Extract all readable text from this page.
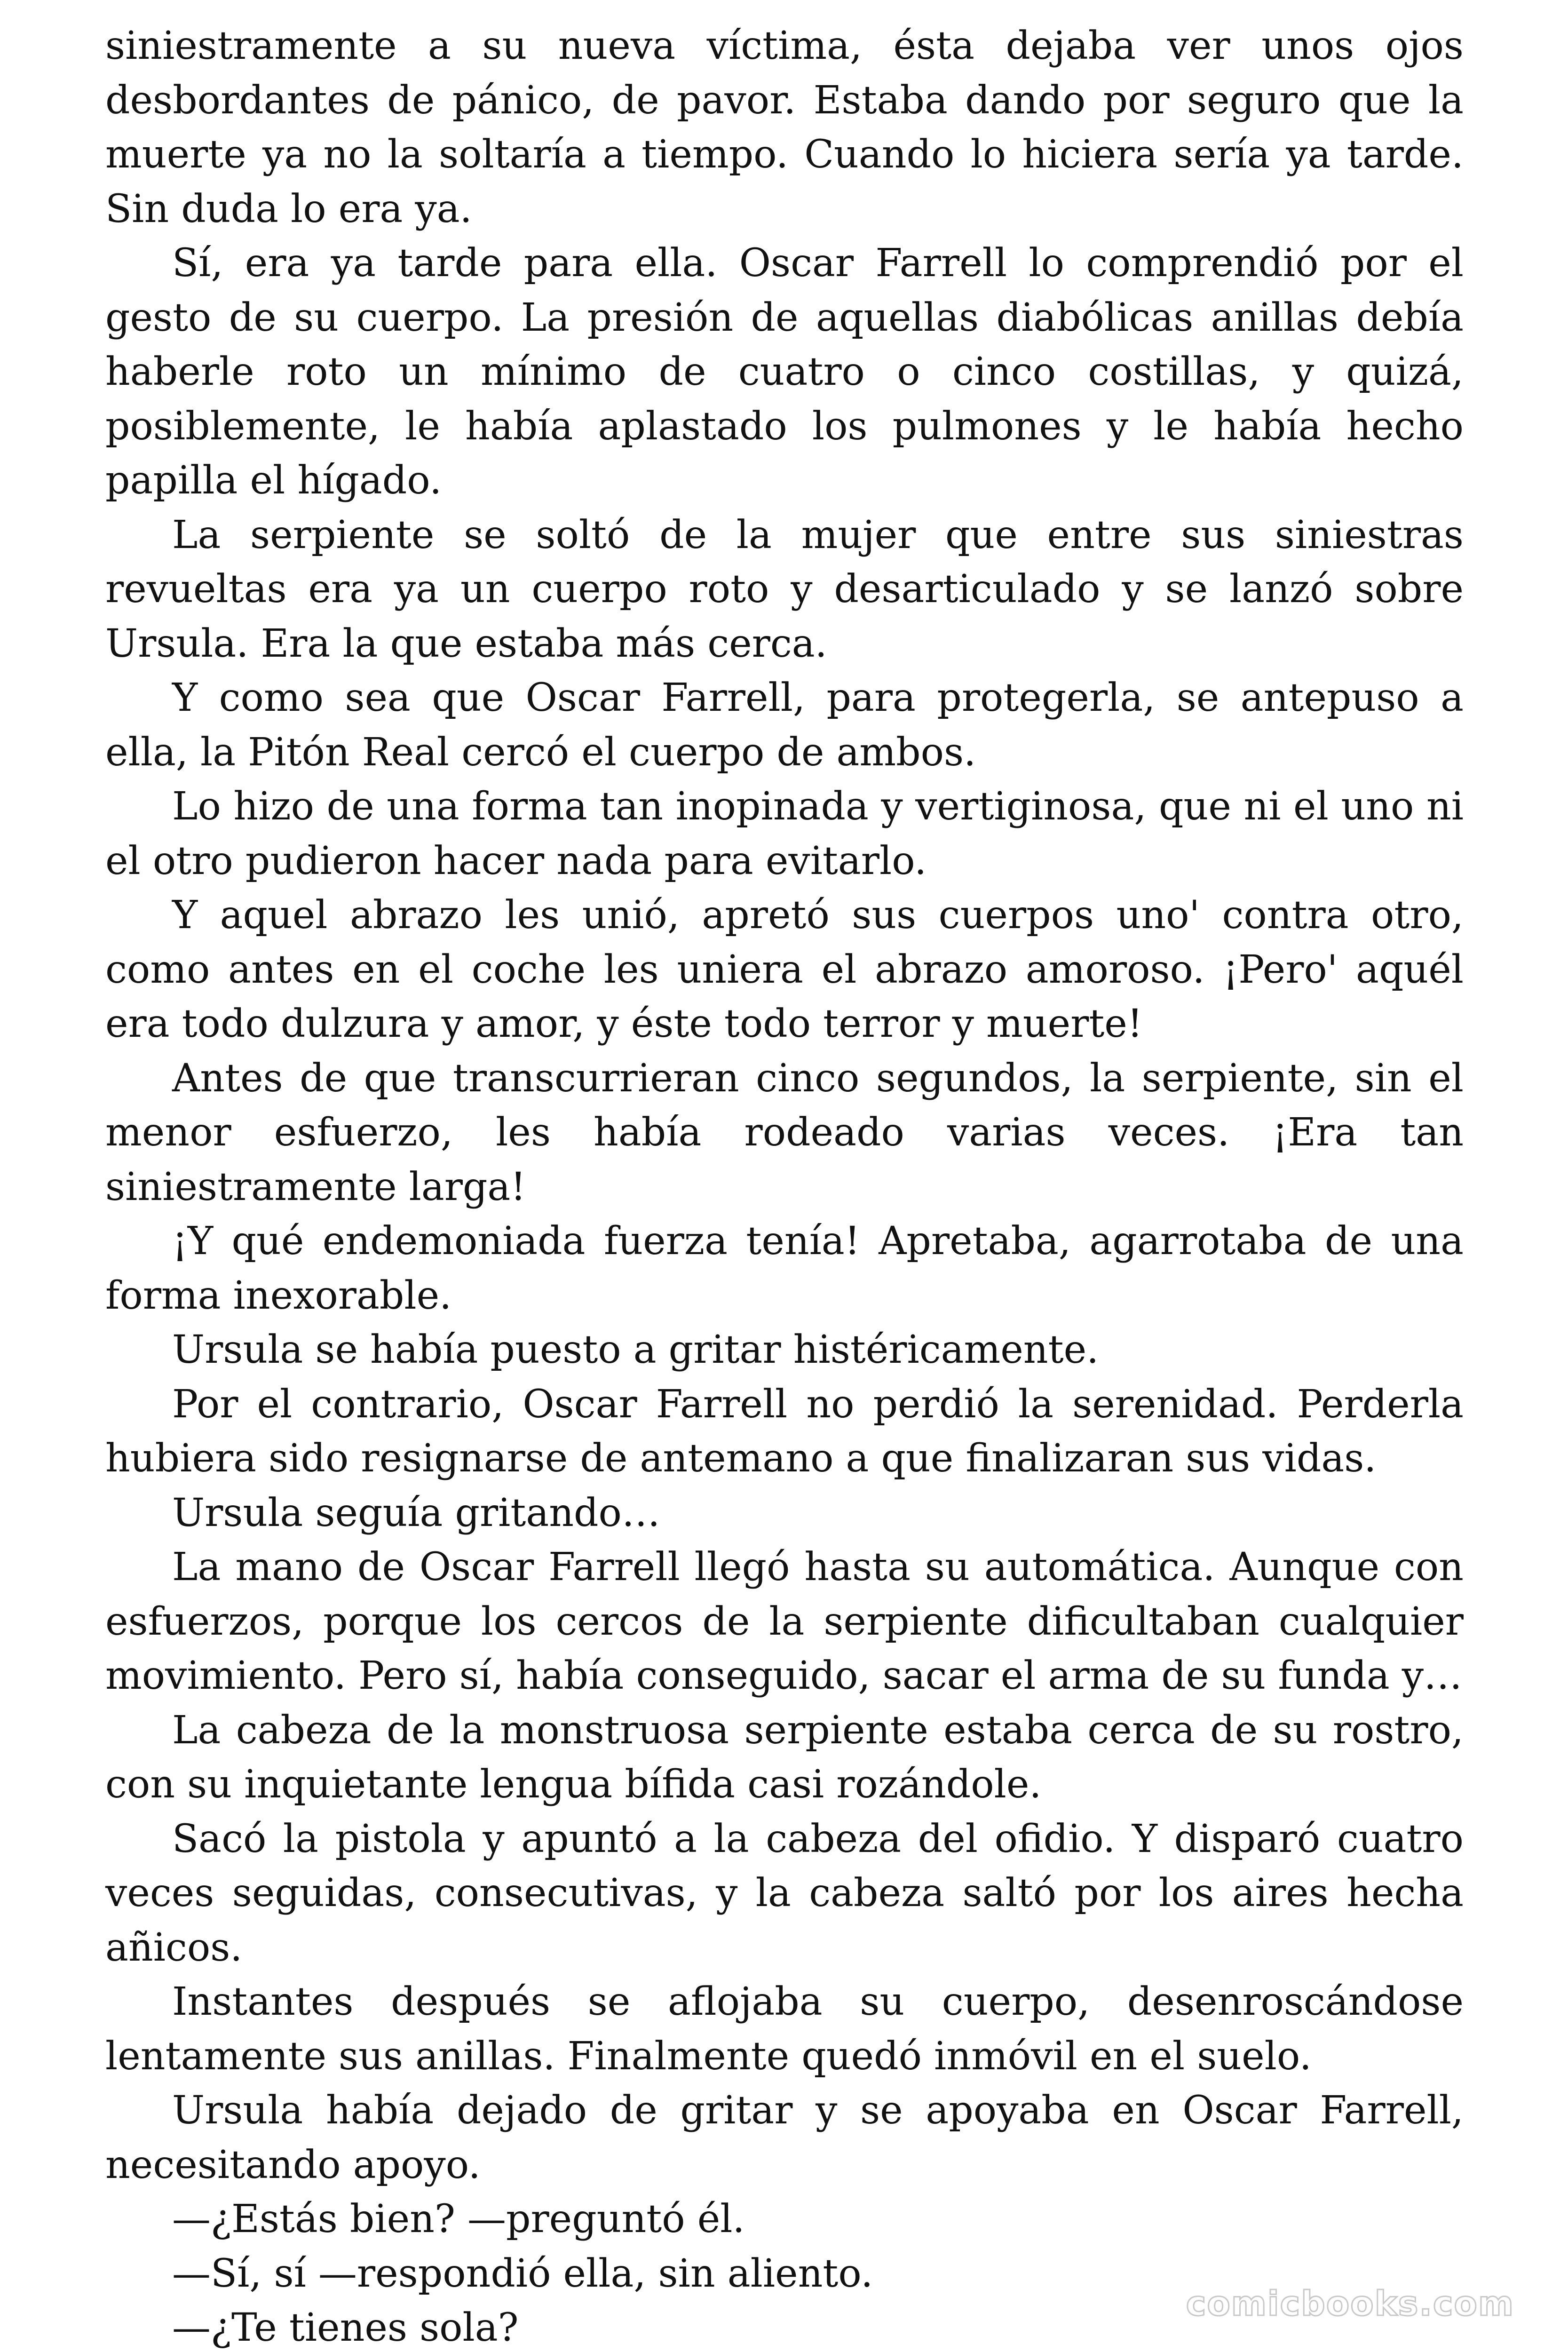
siniestramente a su nueva víctima, ésta dejaba ver unos ojos desbordantes de pánico, de pavor. Estaba dando por seguro que la muerte ya no la soltaría a tiempo. Cuando lo hiciera sería ya tarde. Sin duda lo era ya.

Sí, era ya tarde para ella. Oscar Farrell lo comprendió por el gesto de su cuerpo. La presión de aquellas diabólicas anillas debía haberle roto un mínimo de cuatro o cinco costillas, y quizá, posiblemente, le había aplastado los pulmones y le había hecho papilla el hígado.

La serpiente se soltó de la mujer que entre sus siniestras revueltas era ya un cuerpo roto y desarticulado y se lanzó sobre Ursula. Era la que estaba más cerca.

Y como sea que Oscar Farrell, para protegerla, se antepuso a ella, la Pitón Real cercó el cuerpo de ambos.

Lo hizo de una forma tan inopinada y vertiginosa, que ni el uno ni el otro pudieron hacer nada para evitarlo.

Y aquel abrazo les unió, apretó sus cuerpos uno' contra otro, como antes en el coche les uniera el abrazo amoroso. ¡Pero' aquél era todo dulzura y amor, y éste todo terror y muerte!

Antes de que transcurrieran cinco segundos, la serpiente, sin el menor esfuerzo, les había rodeado varias veces. ¡Era tan siniestramente larga!

¡Y qué endemoniada fuerza tenía! Apretaba, agarrotaba de una forma inexorable.

Ursula se había puesto a gritar histéricamente.

Por el contrario, Oscar Farrell no perdió la serenidad. Perderla hubiera sido resignarse de antemano a que finalizaran sus vidas.

Ursula seguía gritando…

La mano de Oscar Farrell llegó hasta su automática. Aunque con esfuerzos, porque los cercos de la serpiente dificultaban cualquier movimiento. Pero sí, había conseguido, sacar el arma de su funda y…

La cabeza de la monstruosa serpiente estaba cerca de su rostro, con su inquietante lengua bífida casi rozándole.

Sacó la pistola y apuntó a la cabeza del ofidio. Y disparó cuatro veces seguidas, consecutivas, y la cabeza saltó por los aires hecha añicos.

Instantes después se aflojaba su cuerpo, desenroscándose lentamente sus anillas. Finalmente quedó inmóvil en el suelo.

Ursula había dejado de gritar y se apoyaba en Oscar Farrell, necesitando apoyo.

—¿Estás bien? —preguntó él.

—Sí, sí —respondió ella, sin aliento.

—¿Te tienes sola?

comicbooks.com
